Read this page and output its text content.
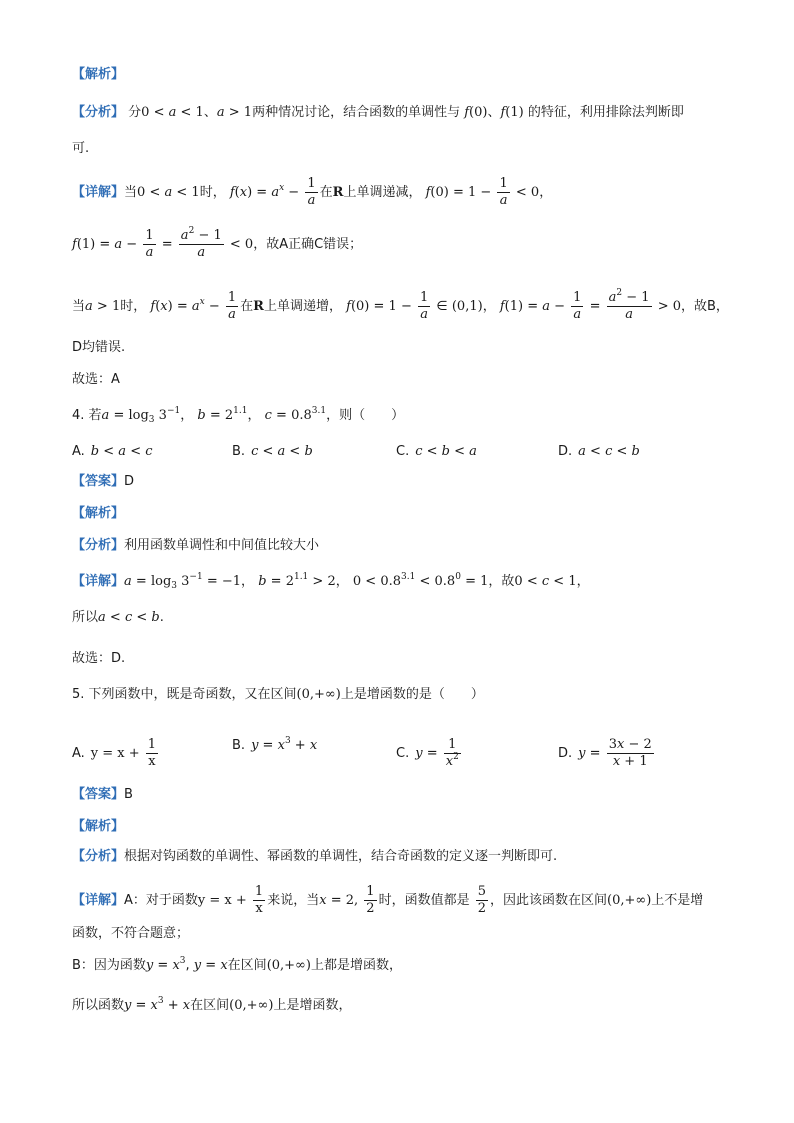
【解析】
【分析】 分0 < a < 1、a > 1两种情况讨论，结合函数的单调性与 f(0)、f(1) 的特征，利用排除法判断即
可.
【详解】当0 < a < 1时， $f(x) = a^x - \frac{1}{a}$ 在R上单调递减， $f(0) = 1 - \frac{1}{a} < 0$，
$f(1) = a - \frac{1}{a} = \frac{a^2 - 1}{a} < 0$，故A正确C错误；
当a > 1时， $f(x) = a^x - \frac{1}{a}$ 在R上单调递增， $f(0) = 1 - \frac{1}{a}$ ∈ (0,1)， $f(1) = a - \frac{1}{a} = \frac{a^2 - 1}{a} > 0$，故B，
D均错误.
故选：A
4. 若$a = \log_3 3^{-1}$， $b = 2^{1.1}$， $c = 0.8^{3.1}$，则（　　）
A. b < a < c	B. c < a < b	C. c < b < a	D. a < c < b
【答案】D
【解析】
【分析】利用函数单调性和中间值比较大小
【详解】$a = \log_3 3^{-1} = -1$， $b = 2^{1.1} > 2$， $0 < 0.8^{3.1} < 0.8^0 = 1$，故0 < c < 1，
所以a < c < b.
故选：D.
5. 下列函数中，既是奇函数，又在区间(0,+∞)上是增函数的是（　　）
A. $y = x + \frac{1}{x}$	B. $y = x^3 + x$
C. $y = \frac{1}{x^2}$	D. $y = \frac{3x - 2}{x + 1}$
【答案】B
【解析】
【分析】根据对钩函数的单调性、幂函数的单调性，结合奇函数的定义逐一判断即可.
【详解】A：对于函数$y = x + \frac{1}{x}$ 来说，当x = 2, $\frac{1}{2}$ 时，函数值都是 $\frac{5}{2}$ ，因此该函数在区间(0,+∞)上不是增
函数，不符合题意；
B：因为函数$y = x^3$, y = x在区间(0,+∞)上都是增函数，
所以函数$y = x^3 + x$在区间(0,+∞)上是增函数，
